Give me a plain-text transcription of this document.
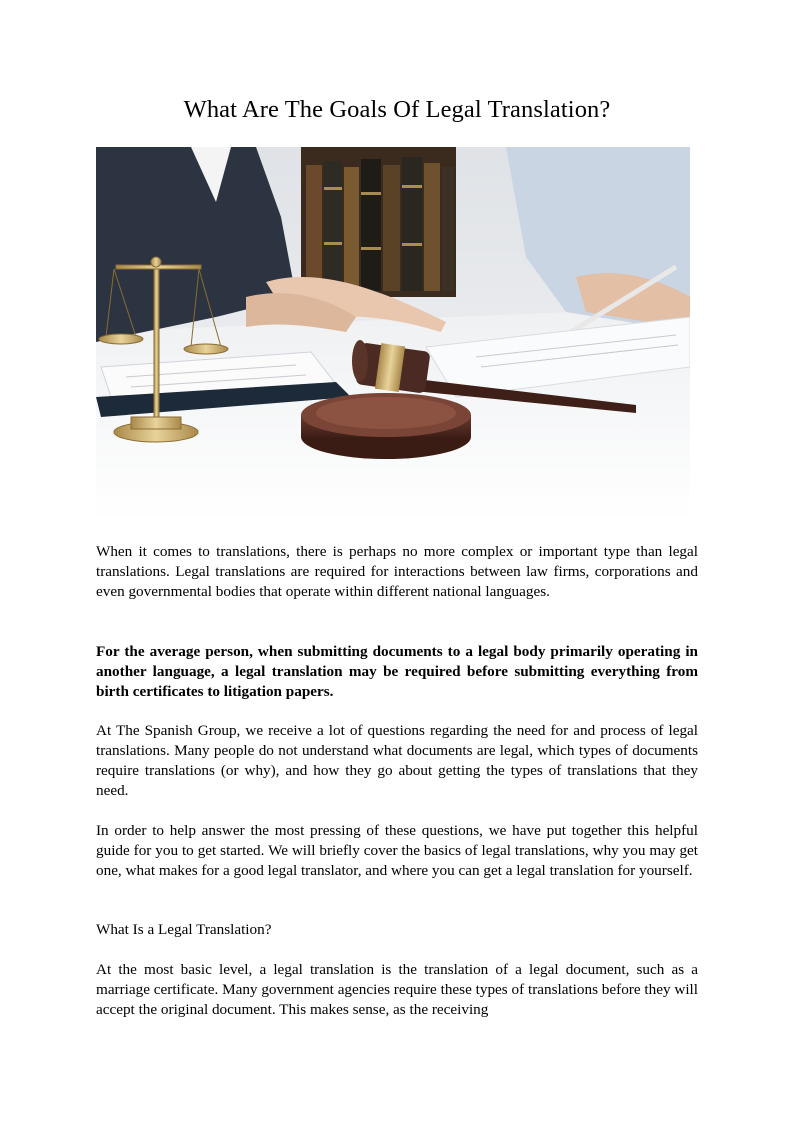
What Are The Goals Of Legal Translation?

When it comes to translations, there is perhaps no more complex or important type than legal translations. Legal translations are required for interactions between law firms, corporations and even governmental bodies that operate within different national languages.

For the average person, when submitting documents to a legal body primarily operating in another language, a legal translation may be required before submitting everything from birth certificates to litigation papers.

At The Spanish Group, we receive a lot of questions regarding the need for and process of legal translations. Many people do not understand what documents are legal, which types of documents require translations (or why), and how they go about getting the types of translations that they need.

In order to help answer the most pressing of these questions, we have put together this helpful guide for you to get started. We will briefly cover the basics of legal translations, why you may get one, what makes for a good legal translator, and where you can get a legal translation for yourself.

What Is a Legal Translation?

At the most basic level, a legal translation is the translation of a legal document, such as a marriage certificate. Many government agencies require these types of translations before they will accept the original document. This makes sense, as the receiving
